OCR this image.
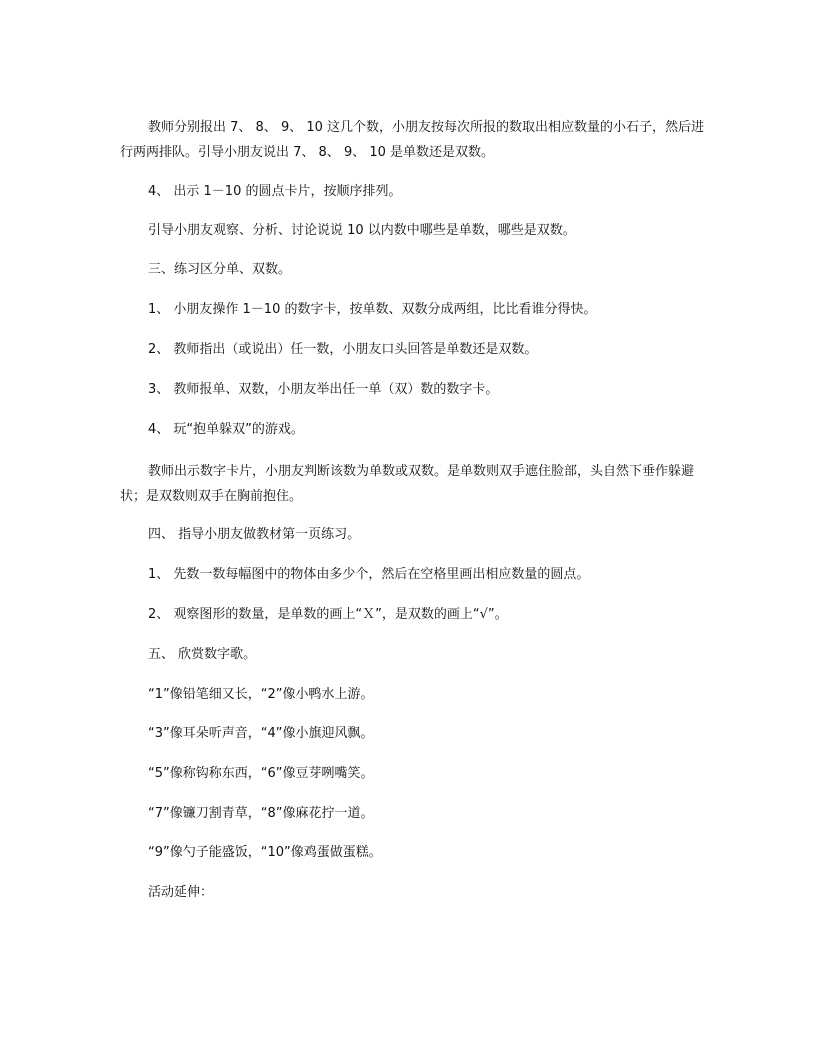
教师分别报出 7、 8、 9、 10 这几个数，小朋友按每次所报的数取出相应数量的小石子，然后进行两两排队。引导小朋友说出 7、 8、 9、 10 是单数还是双数。

4、 出示 1－10 的圆点卡片，按顺序排列。

引导小朋友观察、分析、讨论说说 10 以内数中哪些是单数，哪些是双数。

三、练习区分单、双数。

1、 小朋友操作 1－10 的数字卡，按单数、双数分成两组，比比看谁分得快。

2、 教师指出（或说出）任一数，小朋友口头回答是单数还是双数。

3、 教师报单、双数，小朋友举出任一单（双）数的数字卡。

4、 玩“抱单躲双”的游戏。

教师出示数字卡片，小朋友判断该数为单数或双数。是单数则双手遮住脸部，头自然下垂作躲避状；是双数则双手在胸前抱住。

四、 指导小朋友做教材第一页练习。

1、 先数一数每幅图中的物体由多少个，然后在空格里画出相应数量的圆点。

2、 观察图形的数量，是单数的画上“Ｘ”，是双数的画上“√”。

五、 欣赏数字歌。

“1”像铅笔细又长，“2”像小鸭水上游。

“3”像耳朵听声音，“4”像小旗迎风飘。

“5”像称钩称东西，“6”像豆芽咧嘴笑。

“7”像镰刀割青草，“8”像麻花拧一道。

“9”像勺子能盛饭，“10”像鸡蛋做蛋糕。

活动延伸：
